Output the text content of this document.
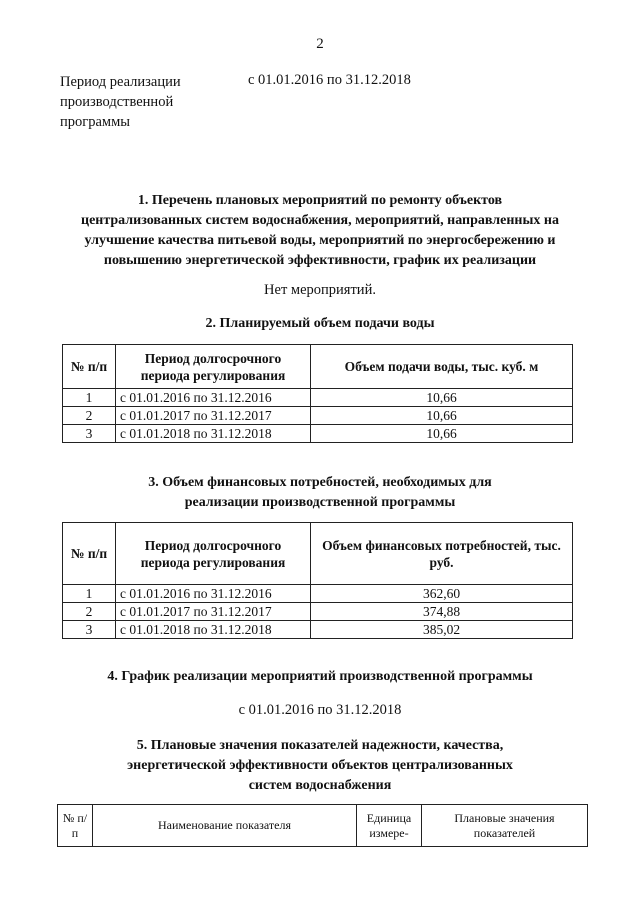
2
Период реализации
производственной
программы
с 01.01.2016 по 31.12.2018
1. Перечень плановых мероприятий по ремонту объектов
централизованных систем водоснабжения, мероприятий, направленных на
улучшение качества питьевой воды, мероприятий по энергосбережению и
повышению энергетической эффективности, график их реализации
Нет мероприятий.
2. Планируемый объем подачи воды
№ п/п	Период долгосрочного периода регулирования	Объем подачи воды, тыс. куб. м
1	с 01.01.2016 по 31.12.2016	10,66
2	с 01.01.2017 по 31.12.2017	10,66
3	с 01.01.2018 по 31.12.2018	10,66
3. Объем финансовых потребностей, необходимых для
реализации производственной программы
№ п/п	Период долгосрочного периода регулирования	Объем финансовых потребностей, тыс. руб.
1	с 01.01.2016 по 31.12.2016	362,60
2	с 01.01.2017 по 31.12.2017	374,88
3	с 01.01.2018 по 31.12.2018	385,02
4. График реализации мероприятий производственной программы
с 01.01.2016 по 31.12.2018
5. Плановые значения показателей надежности, качества,
энергетической эффективности объектов централизованных
систем водоснабжения
№ п/п	Наименование показателя	Единица измере-	Плановые значения показателей
